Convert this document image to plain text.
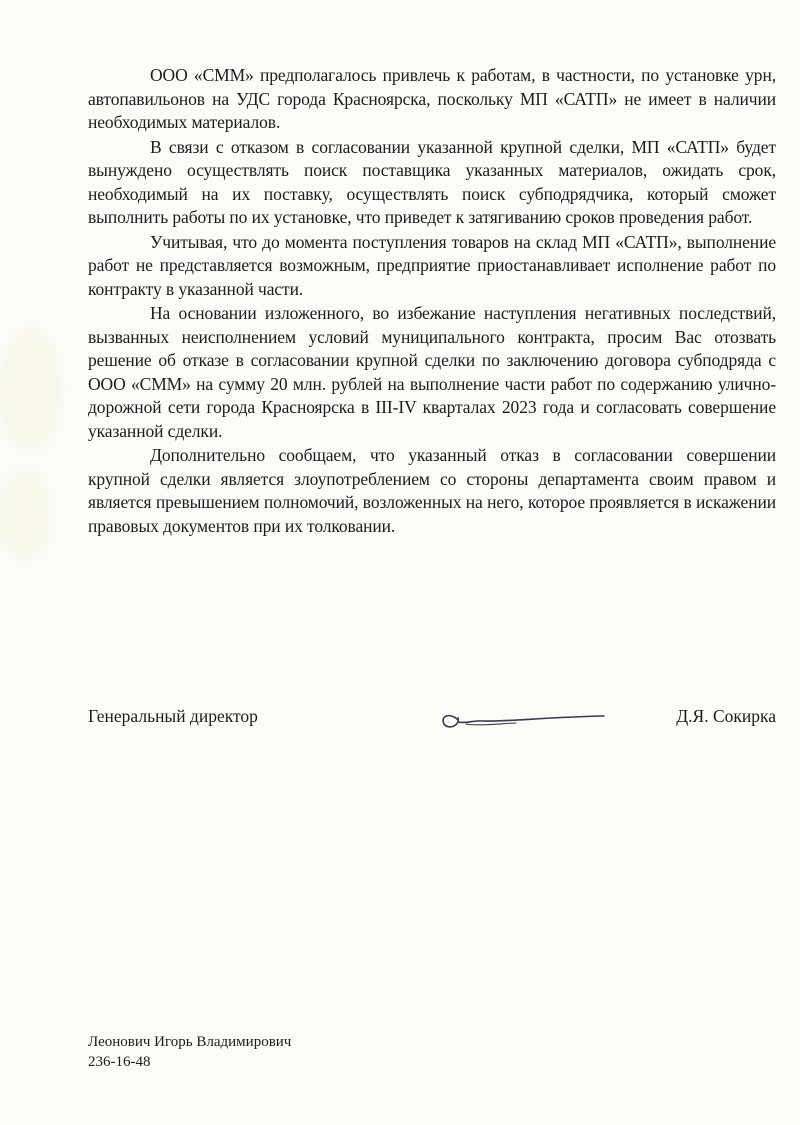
ООО «СММ» предполагалось привлечь к работам, в частности, по установке урн, автопавильонов на УДС города Красноярска, поскольку МП «САТП» не имеет в наличии необходимых материалов.

В связи с отказом в согласовании указанной крупной сделки, МП «САТП» будет вынуждено осуществлять поиск поставщика указанных материалов, ожидать срок, необходимый на их поставку, осуществлять поиск субподрядчика, который сможет выполнить работы по их установке, что приведет к затягиванию сроков проведения работ.

Учитывая, что до момента поступления товаров на склад МП «САТП», выполнение работ не представляется возможным, предприятие приостанавливает исполнение работ по контракту в указанной части.

На основании изложенного, во избежание наступления негативных последствий, вызванных неисполнением условий муниципального контракта, просим Вас отозвать решение об отказе в согласовании крупной сделки по заключению договора субподряда с ООО «СММ» на сумму 20 млн. рублей на выполнение части работ по содержанию улично-дорожной сети города Красноярска в III-IV кварталах 2023 года и согласовать совершение указанной сделки.

Дополнительно сообщаем, что указанный отказ в согласовании совершении крупной сделки является злоупотреблением со стороны департамента своим правом и является превышением полномочий, возложенных на него, которое проявляется в искажении правовых документов при их толковании.

Генеральный директор	Д.Я. Сокирка
Леонович Игорь Владимирович
236-16-48
